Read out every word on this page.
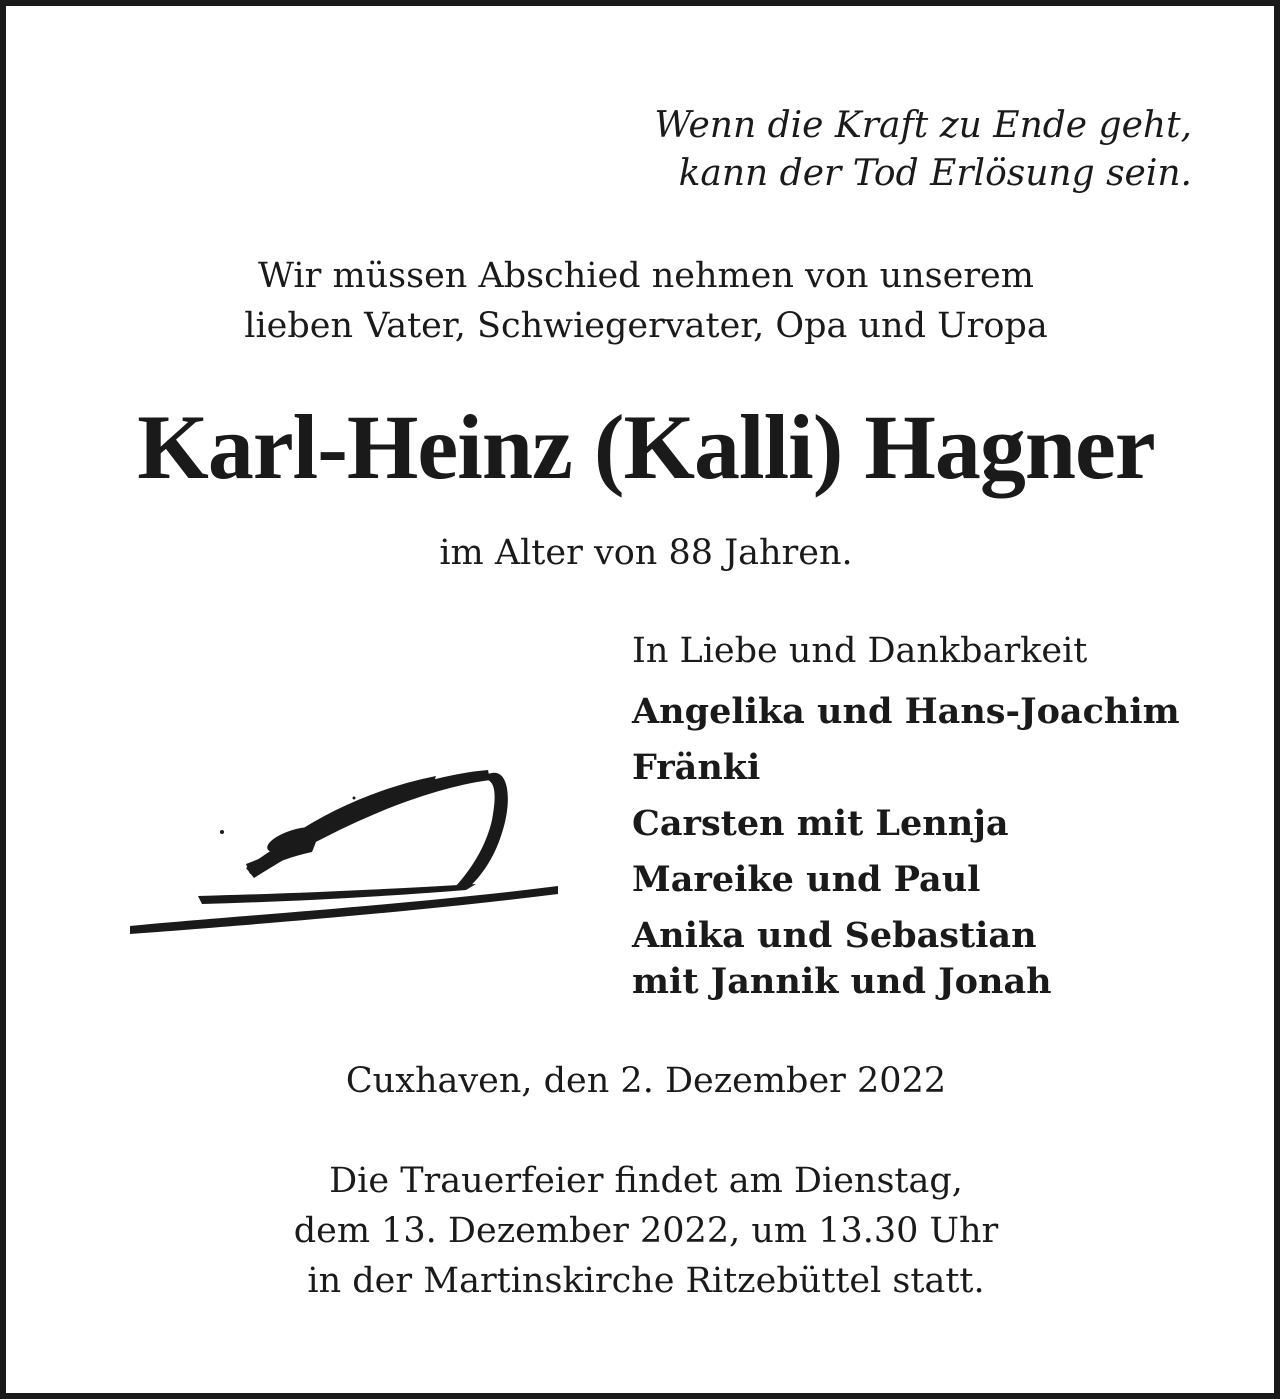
Wenn die Kraft zu Ende geht,
kann der Tod Erlösung sein.
Wir müssen Abschied nehmen von unserem
lieben Vater, Schwiegervater, Opa und Uropa
Karl-Heinz (Kalli) Hagner
im Alter von 88 Jahren.
In Liebe und Dankbarkeit
Angelika und Hans-Joachim
Fränki
Carsten mit Lennja
Mareike und Paul
Anika und Sebastian
mit Jannik und Jonah
Cuxhaven, den 2. Dezember 2022
Die Trauerfeier findet am Dienstag,
dem 13. Dezember 2022, um 13.30 Uhr
in der Martinskirche Ritzebüttel statt.
